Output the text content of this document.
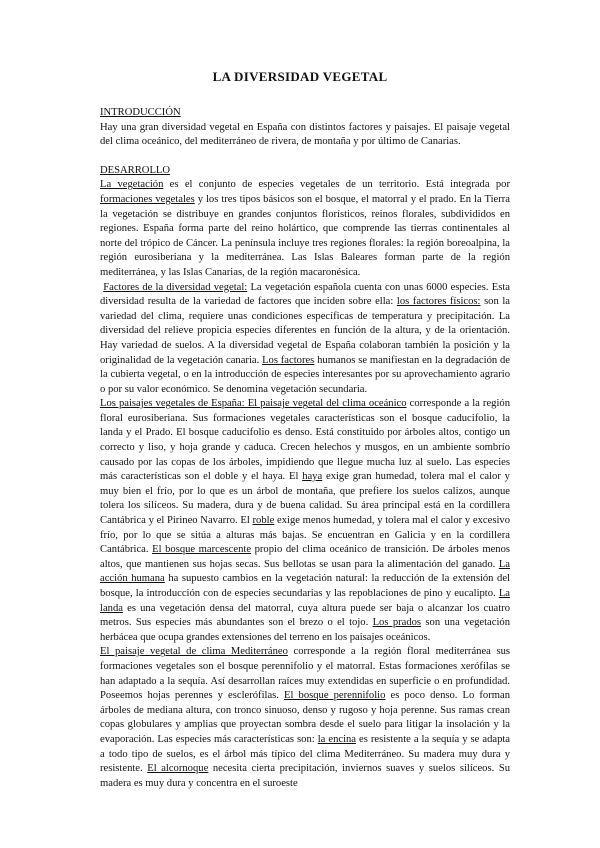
LA DIVERSIDAD VEGETAL

INTRODUCCIÓN

Hay una gran diversidad vegetal en España con distintos factores y paisajes. El paisaje vegetal del clima oceánico, del mediterráneo de rivera, de montaña y por último de Canarias.

DESARROLLO

La vegetación es el conjunto de especies vegetales de un territorio. Está integrada por formaciones vegetales y los tres tipos básicos son el bosque, el matorral y el prado. En la Tierra la vegetación se distribuye en grandes conjuntos florísticos, reinos florales, subdivididos en regiones. España forma parte del reino holártico, que comprende las tierras continentales al norte del trópico de Cáncer. La península incluye tres regiones florales: la región boreoalpina, la región eurosiberiana y la mediterránea. Las Islas Baleares forman parte de la región mediterránea, y las Islas Canarias, de la región macaronésica.

Factores de la diversidad vegetal: La vegetación española cuenta con unas 6000 especies. Esta diversidad resulta de la variedad de factores que inciden sobre ella: los factores físicos: son la variedad del clima, requiere unas condiciones específicas de temperatura y precipitación. La diversidad del relieve propicia especies diferentes en función de la altura, y de la orientación. Hay variedad de suelos. A la diversidad vegetal de España colaboran también la posición y la originalidad de la vegetación canaria. Los factores humanos se manifiestan en la degradación de la cubierta vegetal, o en la introducción de especies interesantes por su aprovechamiento agrario o por su valor económico. Se denomina vegetación secundaria.

Los paisajes vegetales de España: El paisaje vegetal del clima oceánico corresponde a la región floral eurosiberiana. Sus formaciones vegetales características son el bosque caducifolio, la landa y el Prado. El bosque caducifolio es denso. Está constituido por árboles altos, contigo un correcto y liso, y hoja grande y caduca. Crecen helechos y musgos, en un ambiente sombrío causado por las copas de los árboles, impidiendo que llegue mucha luz al suelo. Las especies más características son el doble y el haya. El haya exige gran humedad, tolera mal el calor y muy bien el frío, por lo que es un árbol de montaña, que prefiere los suelos calizos, aunque tolera los silíceos. Su madera, dura y de buena calidad. Su área principal está en la cordillera Cantábrica y el Pirineo Navarro. El roble exige menos humedad, y tolera mal el calor y excesivo frío, por lo que se sitúa a alturas más bajas. Se encuentran en Galicia y en la cordillera Cantábrica. El bosque marcescente propio del clima oceánico de transición. De árboles menos altos, que mantienen sus hojas secas. Sus bellotas se usan para la alimentación del ganado. La acción humana ha supuesto cambios en la vegetación natural: la reducción de la extensión del bosque, la introducción con de especies secundarias y las repoblaciones de pino y eucalipto. La landa es una vegetación densa del matorral, cuya altura puede ser baja o alcanzar los cuatro metros. Sus especies más abundantes son el brezo o el tojo. Los prados son una vegetación herbácea que ocupa grandes extensiones del terreno en los paisajes oceánicos.

El paisaje vegetal de clima Mediterráneo corresponde a la región floral mediterránea sus formaciones vegetales son el bosque perennifolio y el matorral. Estas formaciones xerófilas se han adaptado a la sequía. Así desarrollan raíces muy extendidas en superficie o en profundidad. Poseemos hojas perennes y esclerófilas. El bosque perennifolio es poco denso. Lo forman árboles de mediana altura, con tronco sinuoso, denso y rugoso y hoja perenne. Sus ramas crean copas globulares y amplias que proyectan sombra desde el suelo para litigar la insolación y la evaporación. Las especies más características son: la encina es resistente a la sequía y se adapta a todo tipo de suelos, es el árbol más típico del clima Mediterráneo. Su madera muy dura y resistente. El alcornoque necesita cierta precipitación, inviernos suaves y suelos silíceos. Su madera es muy dura y concentra en el suroeste
